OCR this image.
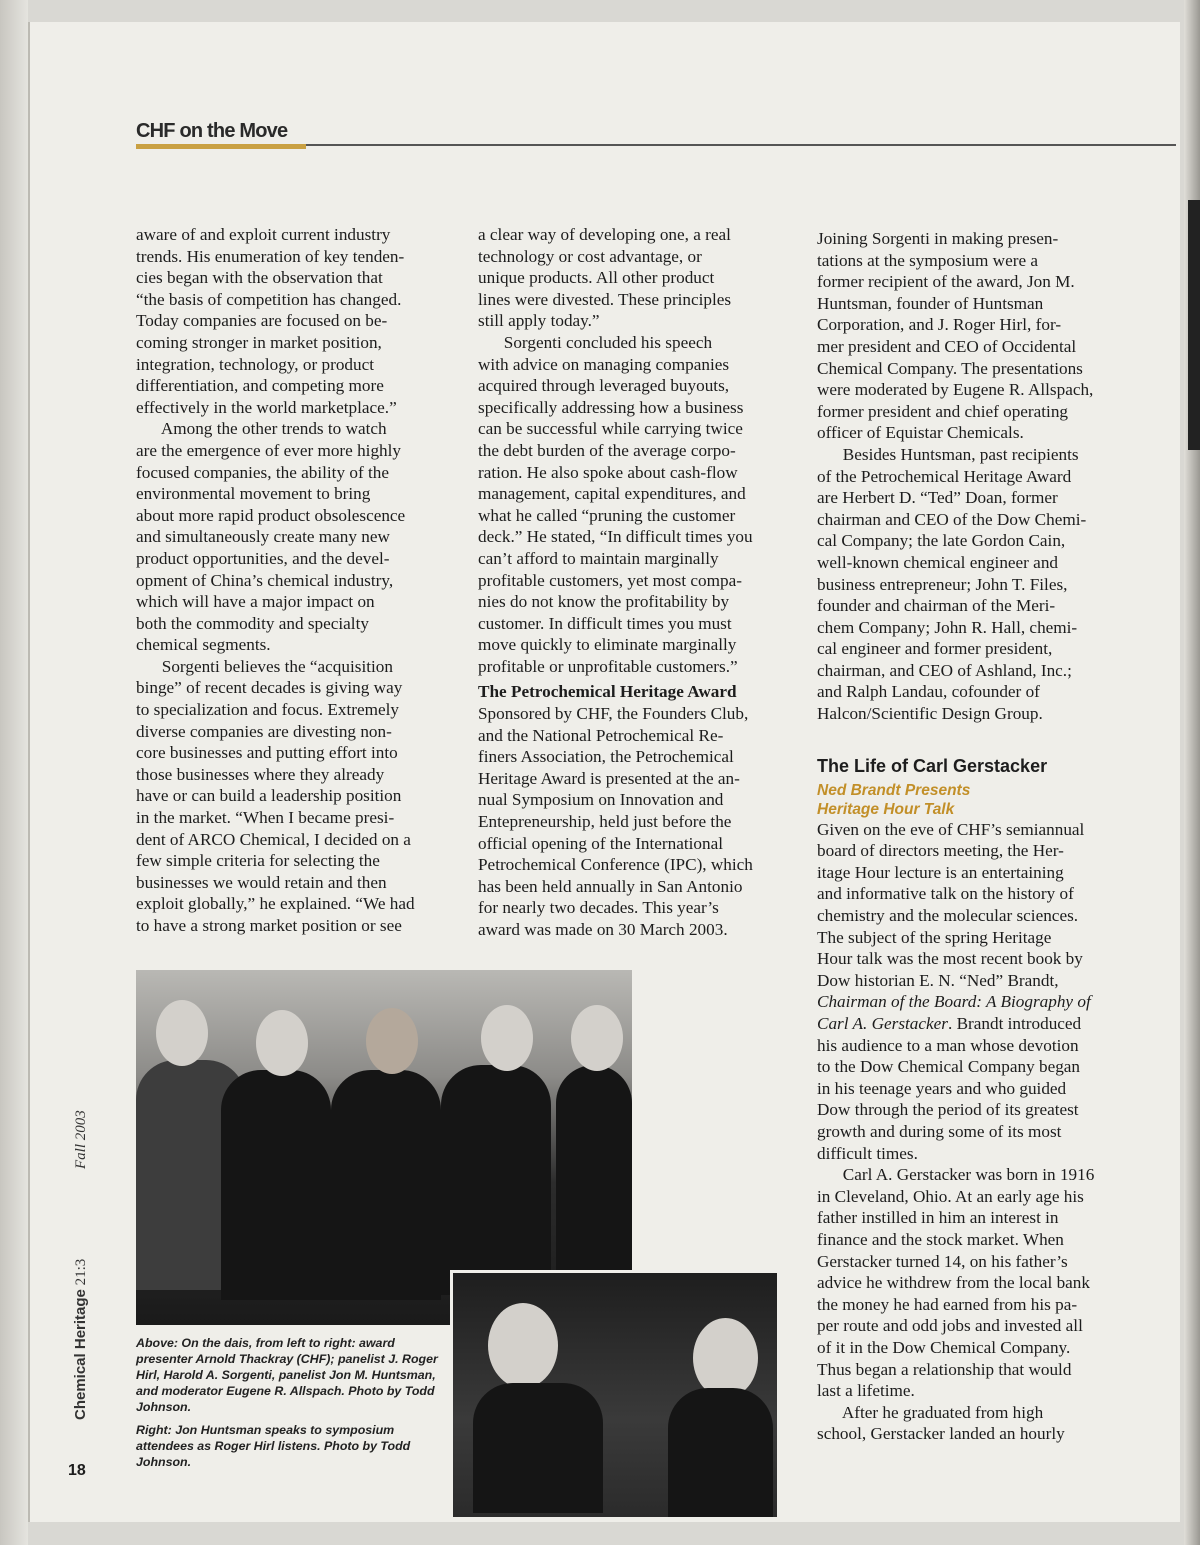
CHF on the Move
aware of and exploit current industry
trends. His enumeration of key tenden-
cies began with the observation that
“the basis of competition has changed.
Today companies are focused on be-
coming stronger in market position,
integration, technology, or product
differentiation, and competing more
effectively in the world marketplace.”
Among the other trends to watch
are the emergence of ever more highly
focused companies, the ability of the
environmental movement to bring
about more rapid product obsolescence
and simultaneously create many new
product opportunities, and the devel-
opment of China’s chemical industry,
which will have a major impact on
both the commodity and specialty
chemical segments.
Sorgenti believes the “acquisition
binge” of recent decades is giving way
to specialization and focus. Extremely
diverse companies are divesting non-
core businesses and putting effort into
those businesses where they already
have or can build a leadership position
in the market. “When I became presi-
dent of ARCO Chemical, I decided on a
few simple criteria for selecting the
businesses we would retain and then
exploit globally,” he explained. “We had
to have a strong market position or see
a clear way of developing one, a real
technology or cost advantage, or
unique products. All other product
lines were divested. These principles
still apply today.”
Sorgenti concluded his speech
with advice on managing companies
acquired through leveraged buyouts,
specifically addressing how a business
can be successful while carrying twice
the debt burden of the average corpo-
ration. He also spoke about cash-flow
management, capital expenditures, and
what he called “pruning the customer
deck.” He stated, “In difficult times you
can’t afford to maintain marginally
profitable customers, yet most compa-
nies do not know the profitability by
customer. In difficult times you must
move quickly to eliminate marginally
profitable or unprofitable customers.”
The Petrochemical Heritage Award
Sponsored by CHF, the Founders Club,
and the National Petrochemical Re-
finers Association, the Petrochemical
Heritage Award is presented at the an-
nual Symposium on Innovation and
Entepreneurship, held just before the
official opening of the International
Petrochemical Conference (IPC), which
has been held annually in San Antonio
for nearly two decades. This year’s
award was made on 30 March 2003.
Joining Sorgenti in making presen-
tations at the symposium were a
former recipient of the award, Jon M.
Huntsman, founder of Huntsman
Corporation, and J. Roger Hirl, for-
mer president and CEO of Occidental
Chemical Company. The presentations
were moderated by Eugene R. Allspach,
former president and chief operating
officer of Equistar Chemicals.
Besides Huntsman, past recipients
of the Petrochemical Heritage Award
are Herbert D. “Ted” Doan, former
chairman and CEO of the Dow Chemi-
cal Company; the late Gordon Cain,
well-known chemical engineer and
business entrepreneur; John T. Files,
founder and chairman of the Meri-
chem Company; John R. Hall, chemi-
cal engineer and former president,
chairman, and CEO of Ashland, Inc.;
and Ralph Landau, cofounder of
Halcon/Scientific Design Group.
The Life of Carl Gerstacker
Ned Brandt Presents
Heritage Hour Talk
Given on the eve of CHF’s semiannual
board of directors meeting, the Her-
itage Hour lecture is an entertaining
and informative talk on the history of
chemistry and the molecular sciences.
The subject of the spring Heritage
Hour talk was the most recent book by
Dow historian E. N. “Ned” Brandt,
Chairman of the Board: A Biography of
Carl A. Gerstacker. Brandt introduced
his audience to a man whose devotion
to the Dow Chemical Company began
in his teenage years and who guided
Dow through the period of its greatest
growth and during some of its most
difficult times.
Carl A. Gerstacker was born in 1916
in Cleveland, Ohio. At an early age his
father instilled in him an interest in
finance and the stock market. When
Gerstacker turned 14, on his father’s
advice he withdrew from the local bank
the money he had earned from his pa-
per route and odd jobs and invested all
of it in the Dow Chemical Company.
Thus began a relationship that would
last a lifetime.
After he graduated from high
school, Gerstacker landed an hourly

Above: On the dais, from left to right: award presenter Arnold Thackray (CHF); panelist J. Roger Hirl, Harold A. Sorgenti, panelist Jon M. Huntsman, and moderator Eugene R. Allspach. Photo by Todd Johnson.

Right: Jon Huntsman speaks to symposium attendees as Roger Hirl listens. Photo by Todd Johnson.

Chemical Heritage 21:3
Fall 2003
18
